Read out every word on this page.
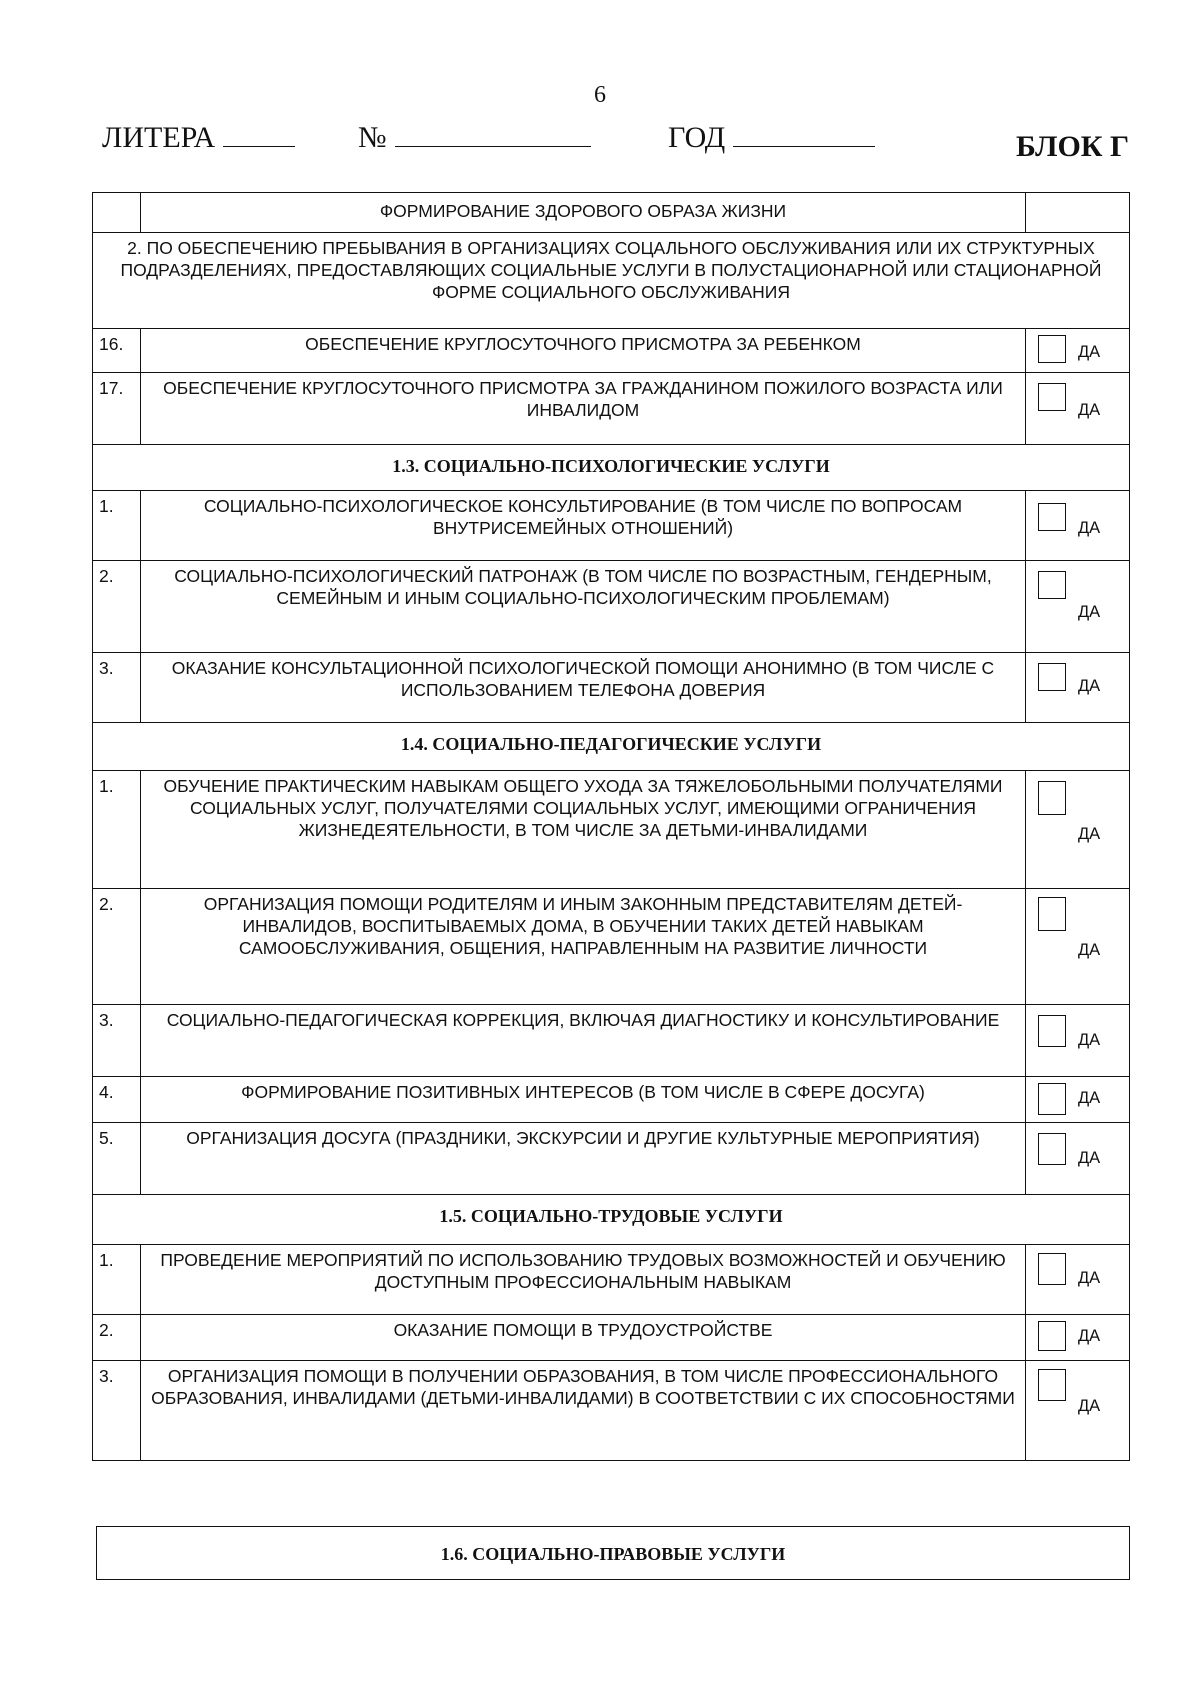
6
ЛИТЕРА	№	ГОД	БЛОК Г
	ФОРМИРОВАНИЕ ЗДОРОВОГО ОБРАЗА ЖИЗНИ	
2. ПО ОБЕСПЕЧЕНИЮ ПРЕБЫВАНИЯ В ОРГАНИЗАЦИЯХ СОЦАЛЬНОГО ОБСЛУЖИВАНИЯ ИЛИ ИХ СТРУКТУРНЫХ ПОДРАЗДЕЛЕНИЯХ, ПРЕДОСТАВЛЯЮЩИХ СОЦИАЛЬНЫЕ УСЛУГИ В ПОЛУСТАЦИОНАРНОЙ ИЛИ СТАЦИОНАРНОЙ ФОРМЕ СОЦИАЛЬНОГО ОБСЛУЖИВАНИЯ		
16.	ОБЕСПЕЧЕНИЕ КРУГЛОСУТОЧНОГО ПРИСМОТРА ЗА РЕБЕНКОМ	ДА

17.	ОБЕСПЕЧЕНИЕ КРУГЛОСУТОЧНОГО ПРИСМОТРА ЗА ГРАЖДАНИНОМ ПОЖИЛОГО ВОЗРАСТА ИЛИ ИНВАЛИДОМ	ДА

1.3. СОЦИАЛЬНО-ПСИХОЛОГИЧЕСКИЕ УСЛУГИ		
1.	СОЦИАЛЬНО-ПСИХОЛОГИЧЕСКОЕ КОНСУЛЬТИРОВАНИЕ (В ТОМ ЧИСЛЕ ПО ВОПРОСАМ ВНУТРИСЕМЕЙНЫХ ОТНОШЕНИЙ)	ДА

2.	СОЦИАЛЬНО-ПСИХОЛОГИЧЕСКИЙ ПАТРОНАЖ (В ТОМ ЧИСЛЕ ПО ВОЗРАСТНЫМ, ГЕНДЕРНЫМ, СЕМЕЙНЫМ И ИНЫМ СОЦИАЛЬНО-ПСИХОЛОГИЧЕСКИМ ПРОБЛЕМАМ)	ДА

3.	ОКАЗАНИЕ КОНСУЛЬТАЦИОННОЙ ПСИХОЛОГИЧЕСКОЙ ПОМОЩИ АНОНИМНО (В ТОМ ЧИСЛЕ С ИСПОЛЬЗОВАНИЕМ ТЕЛЕФОНА ДОВЕРИЯ	ДА

1.4. СОЦИАЛЬНО-ПЕДАГОГИЧЕСКИЕ УСЛУГИ		
1.	ОБУЧЕНИЕ ПРАКТИЧЕСКИМ НАВЫКАМ ОБЩЕГО УХОДА ЗА ТЯЖЕЛОБОЛЬНЫМИ ПОЛУЧАТЕЛЯМИ СОЦИАЛЬНЫХ УСЛУГ, ПОЛУЧАТЕЛЯМИ СОЦИАЛЬНЫХ УСЛУГ, ИМЕЮЩИМИ ОГРАНИЧЕНИЯ ЖИЗНЕДЕЯТЕЛЬНОСТИ, В ТОМ ЧИСЛЕ ЗА ДЕТЬМИ-ИНВАЛИДАМИ	ДА

2.	ОРГАНИЗАЦИЯ ПОМОЩИ РОДИТЕЛЯМ И ИНЫМ ЗАКОННЫМ ПРЕДСТАВИТЕЛЯМ ДЕТЕЙ-ИНВАЛИДОВ, ВОСПИТЫВАЕМЫХ ДОМА, В ОБУЧЕНИИ ТАКИХ ДЕТЕЙ НАВЫКАМ САМООБСЛУЖИВАНИЯ, ОБЩЕНИЯ, НАПРАВЛЕННЫМ НА РАЗВИТИЕ ЛИЧНОСТИ	ДА

3.	СОЦИАЛЬНО-ПЕДАГОГИЧЕСКАЯ КОРРЕКЦИЯ, ВКЛЮЧАЯ ДИАГНОСТИКУ И КОНСУЛЬТИРОВАНИЕ	ДА

4.	ФОРМИРОВАНИЕ ПОЗИТИВНЫХ ИНТЕРЕСОВ (В ТОМ ЧИСЛЕ В СФЕРЕ ДОСУГА)	ДА

5.	ОРГАНИЗАЦИЯ ДОСУГА (ПРАЗДНИКИ, ЭКСКУРСИИ И ДРУГИЕ КУЛЬТУРНЫЕ МЕРОПРИЯТИЯ)	ДА

1.5. СОЦИАЛЬНО-ТРУДОВЫЕ УСЛУГИ		
1.	ПРОВЕДЕНИЕ МЕРОПРИЯТИЙ ПО ИСПОЛЬЗОВАНИЮ ТРУДОВЫХ ВОЗМОЖНОСТЕЙ И ОБУЧЕНИЮ ДОСТУПНЫМ ПРОФЕССИОНАЛЬНЫМ НАВЫКАМ	ДА

2.	ОКАЗАНИЕ ПОМОЩИ В ТРУДОУСТРОЙСТВЕ	ДА

3.	ОРГАНИЗАЦИЯ ПОМОЩИ В ПОЛУЧЕНИИ ОБРАЗОВАНИЯ, В ТОМ ЧИСЛЕ ПРОФЕССИОНАЛЬНОГО ОБРАЗОВАНИЯ, ИНВАЛИДАМИ (ДЕТЬМИ-ИНВАЛИДАМИ) В СООТВЕТСТВИИ С ИХ СПОСОБНОСТЯМИ	ДА
1.6. СОЦИАЛЬНО-ПРАВОВЫЕ УСЛУГИ
